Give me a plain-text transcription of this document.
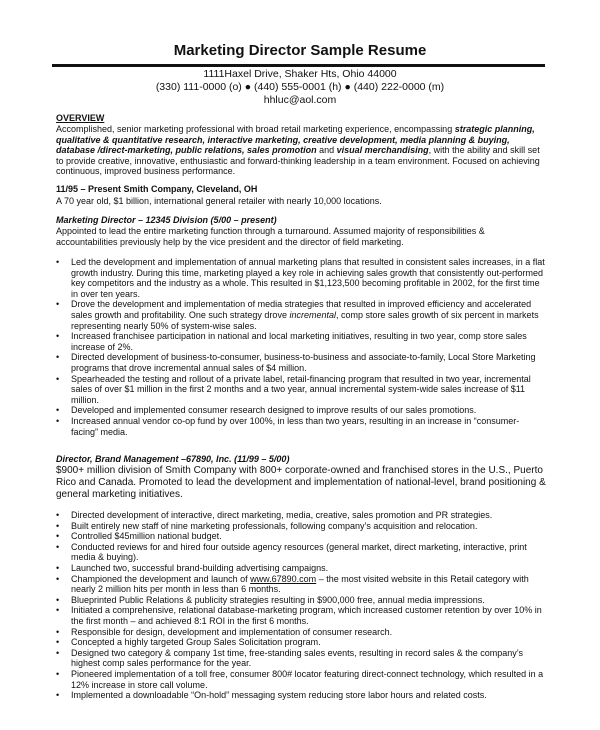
Marketing Director Sample Resume
1111Haxel Drive, Shaker Hts, Ohio 44000
(330) 111-0000 (o) ● (440) 555-0001 (h) ● (440) 222-0000 (m)
hhluc@aol.com
OVERVIEW
Accomplished, senior marketing professional with broad retail marketing experience, encompassing strategic planning, qualitative & quantitative research, interactive marketing, creative development, media planning & buying, database /direct-marketing, public relations, sales promotion and visual merchandising, with the ability and skill set to provide creative, innovative, enthusiastic and forward-thinking leadership in a team environment. Focused on achieving continuous, improved business performance.
11/95 – Present Smith Company, Cleveland, OH
A 70 year old, $1 billion, international general retailer with nearly 10,000 locations.
Marketing Director – 12345 Division (5/00 – present)
Appointed to lead the entire marketing function through a turnaround. Assumed majority of responsibilities & accountabilities previously help by the vice president and the director of field marketing.
• Led the development and implementation of annual marketing plans that resulted in consistent sales increases, in a flat growth industry. During this time, marketing played a key role in achieving sales growth that consistently out-performed key competitors and the industry as a whole. This resulted in $1,123,500 becoming profitable in 2002, for the first time in over ten years.
• Drove the development and implementation of media strategies that resulted in improved efficiency and accelerated sales growth and profitability. One such strategy drove incremental, comp store sales growth of six percent in markets representing nearly 50% of system-wise sales.
• Increased franchisee participation in national and local marketing initiatives, resulting in two year, comp store sales increase of 2%.
• Directed development of business-to-consumer, business-to-business and associate-to-family, Local Store Marketing programs that drove incremental annual sales of $4 million.
• Spearheaded the testing and rollout of a private label, retail-financing program that resulted in two year, incremental sales of over $1 million in the first 2 months and a two year, annual incremental system-wide sales increase of $11 million.
• Developed and implemented consumer research designed to improve results of our sales promotions.
• Increased annual vendor co-op fund by over 100%, in less than two years, resulting in an increase in “consumer-facing” media.
Director, Brand Management –67890, Inc. (11/99 – 5/00)
$900+ million division of Smith Company with 800+ corporate-owned and franchised stores in the U.S., Puerto Rico and Canada. Promoted to lead the development and implementation of national-level, brand positioning & general marketing initiatives.
• Directed development of interactive, direct marketing, media, creative, sales promotion and PR strategies.
• Built entirely new staff of nine marketing professionals, following company’s acquisition and relocation.
• Controlled $45million national budget.
• Conducted reviews for and hired four outside agency resources (general market, direct marketing, interactive, print media & buying).
• Launched two, successful brand-building advertising campaigns.
• Championed the development and launch of www.67890.com – the most visited website in this Retail category with nearly 2 million hits per month in less than 6 months.
• Blueprinted Public Relations & publicity strategies resulting in $900,000 free, annual media impressions.
• Initiated a comprehensive, relational database-marketing program, which increased customer retention by over 10% in the first month – and achieved 8:1 ROI in the first 6 months.
• Responsible for design, development and implementation of consumer research.
• Concepted a highly targeted Group Sales Solicitation program.
• Designed two category & company 1st time, free-standing sales events, resulting in record sales & the company’s highest comp sales performance for the year.
• Pioneered implementation of a toll free, consumer 800# locator featuring direct-connect technology, which resulted in a 12% increase in store call volume.
• Implemented a downloadable “On-hold” messaging system reducing store labor hours and related costs.
